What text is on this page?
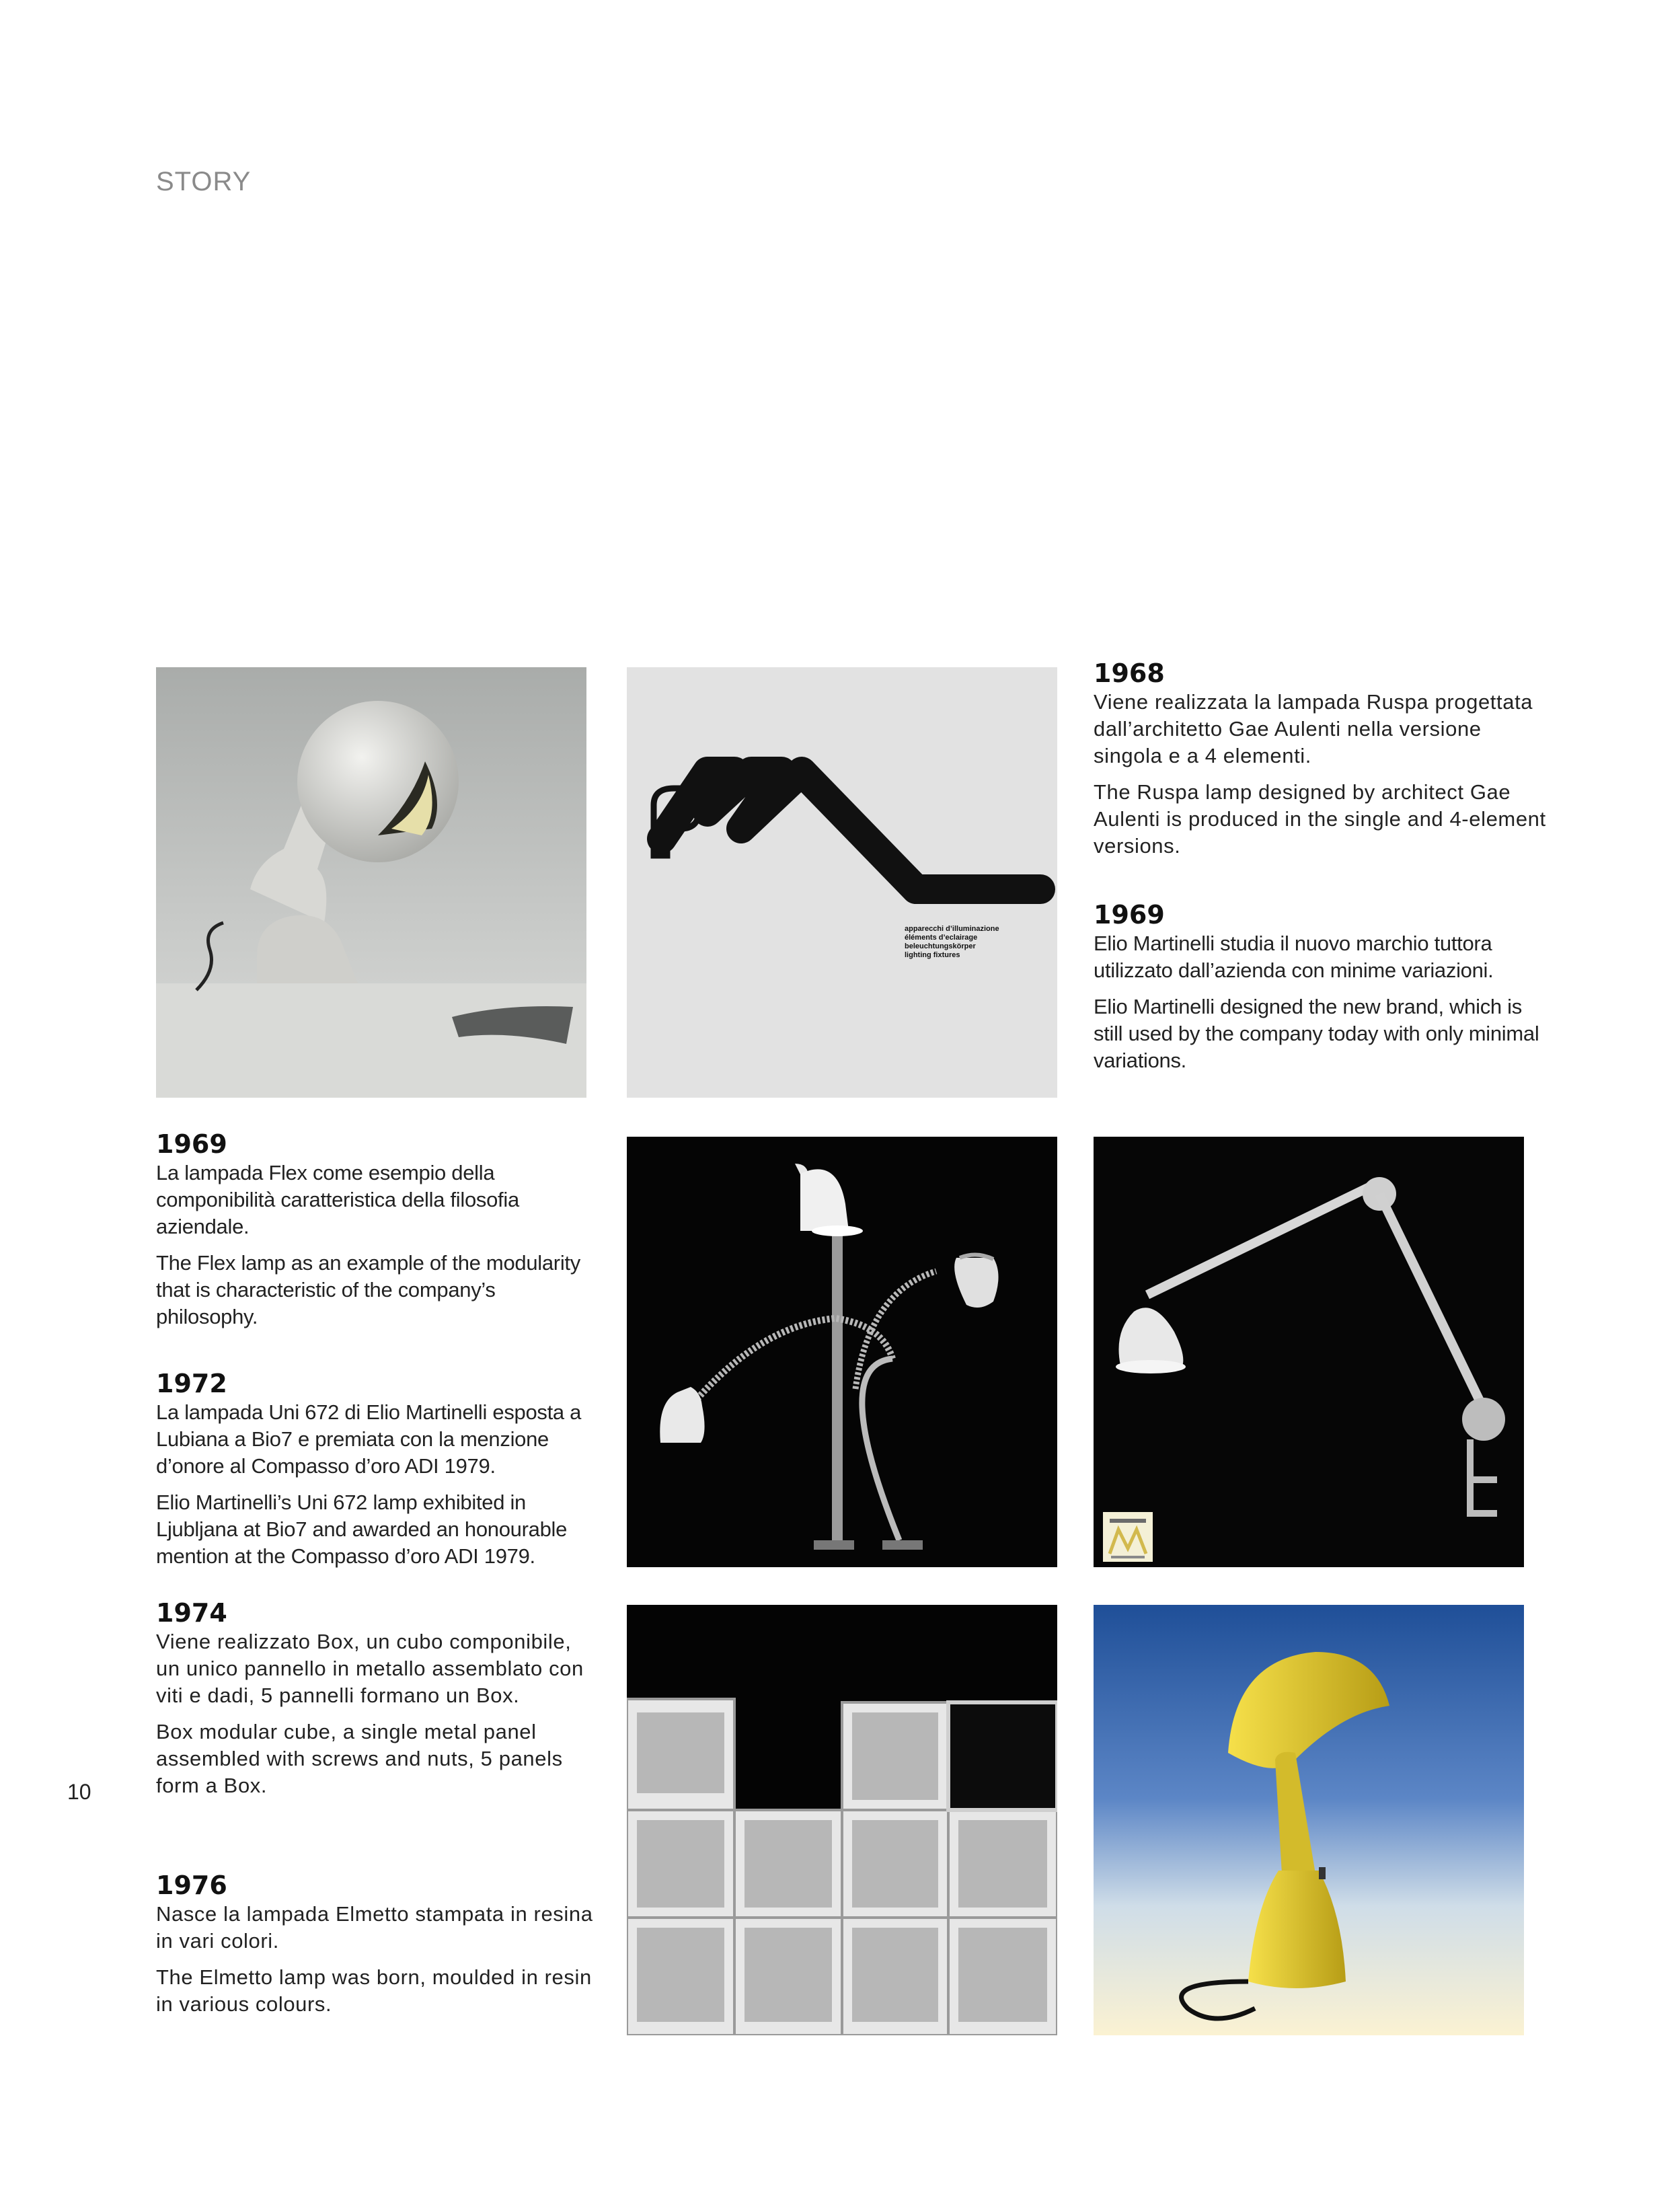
STORY
apparecchi d’illuminazione
éléments d’eclairage
beleuchtungskörper
lighting fixtures
1968
Viene realizzata la lampada Ruspa progettata dall’architetto Gae Aulenti nella versione singola e a 4 elementi.
The Ruspa lamp designed by architect Gae Aulenti is produced in the single and 4-element versions.
1969
Elio Martinelli studia il nuovo marchio tuttora utilizzato dall’azienda con minime variazioni.
Elio Martinelli designed the new brand, which is still used by the company today with only minimal variations.
1969
La lampada Flex come esempio della componibilità caratteristica della filosofia aziendale.
The Flex lamp as an example of the modularity that is characteristic of the company’s philosophy.
1972
La lampada Uni 672 di Elio Martinelli esposta a Lubiana a Bio7 e premiata con la menzione d’onore al Compasso d’oro ADI 1979.
Elio Martinelli’s Uni 672 lamp exhibited in Ljubljana at Bio7 and awarded an honourable mention at the Compasso d’oro ADI 1979.
1974
Viene realizzato Box, un cubo componibile, un unico pannello in metallo assemblato con viti e dadi, 5 pannelli formano un Box.
Box modular cube, a single metal panel assembled with screws and nuts, 5 panels form a Box.
1976
Nasce la lampada Elmetto stampata in resina in vari colori.
The Elmetto lamp was born, moulded in resin in various colours.
10
